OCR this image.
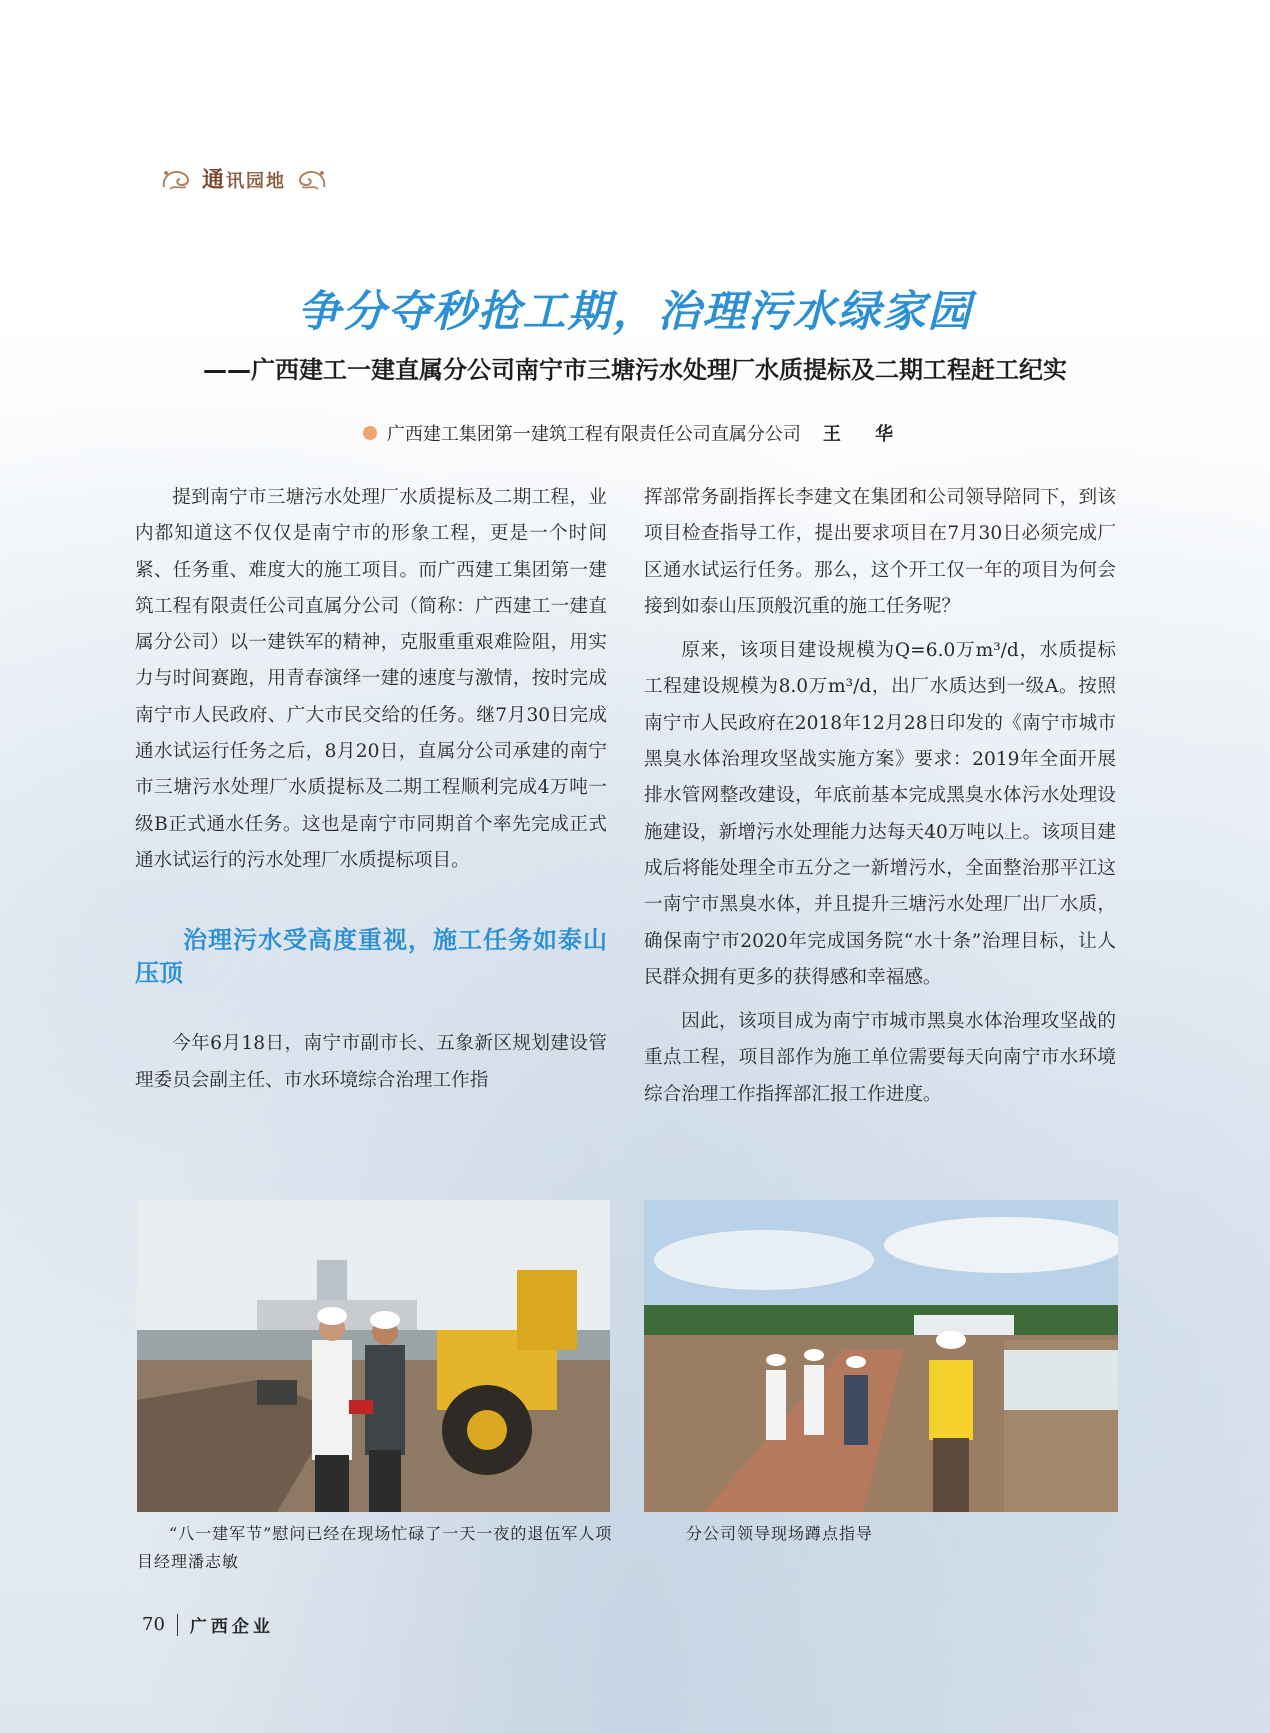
通讯园地
争分夺秒抢工期，治理污水绿家园
——广西建工一建直属分公司南宁市三塘污水处理厂水质提标及二期工程赶工纪实
广西建工集团第一建筑工程有限责任公司直属分公司 王 华

提到南宁市三塘污水处理厂水质提标及二期工程，业内都知道这不仅仅是南宁市的形象工程，更是一个时间紧、任务重、难度大的施工项目。而广西建工集团第一建筑工程有限责任公司直属分公司（简称：广西建工一建直属分公司）以一建铁军的精神，克服重重艰难险阻，用实力与时间赛跑，用青春演绎一建的速度与激情，按时完成南宁市人民政府、广大市民交给的任务。继7月30日完成通水试运行任务之后，8月20日，直属分公司承建的南宁市三塘污水处理厂水质提标及二期工程顺利完成4万吨一级B正式通水任务。这也是南宁市同期首个率先完成正式通水试运行的污水处理厂水质提标项目。

治理污水受高度重视，施工任务如泰山压顶

今年6月18日，南宁市副市长、五象新区规划建设管理委员会副主任、市水环境综合治理工作指

挥部常务副指挥长李建文在集团和公司领导陪同下，到该项目检查指导工作，提出要求项目在7月30日必须完成厂区通水试运行任务。那么，这个开工仅一年的项目为何会接到如泰山压顶般沉重的施工任务呢？

原来，该项目建设规模为Q=6.0万m³/d，水质提标工程建设规模为8.0万m³/d，出厂水质达到一级A。按照南宁市人民政府在2018年12月28日印发的《南宁市城市黑臭水体治理攻坚战实施方案》要求：2019年全面开展排水管网整改建设，年底前基本完成黑臭水体污水处理设施建设，新增污水处理能力达每天40万吨以上。该项目建成后将能处理全市五分之一新增污水，全面整治那平江这一南宁市黑臭水体，并且提升三塘污水处理厂出厂水质，确保南宁市2020年完成国务院“水十条”治理目标，让人民群众拥有更多的获得感和幸福感。

因此，该项目成为南宁市城市黑臭水体治理攻坚战的重点工程，项目部作为施工单位需要每天向南宁市水环境综合治理工作指挥部汇报工作进度。

“八一建军节”慰问已经在现场忙碌了一天一夜的退伍军人项目经理潘志敏
分公司领导现场蹲点指导
70 广西企业
